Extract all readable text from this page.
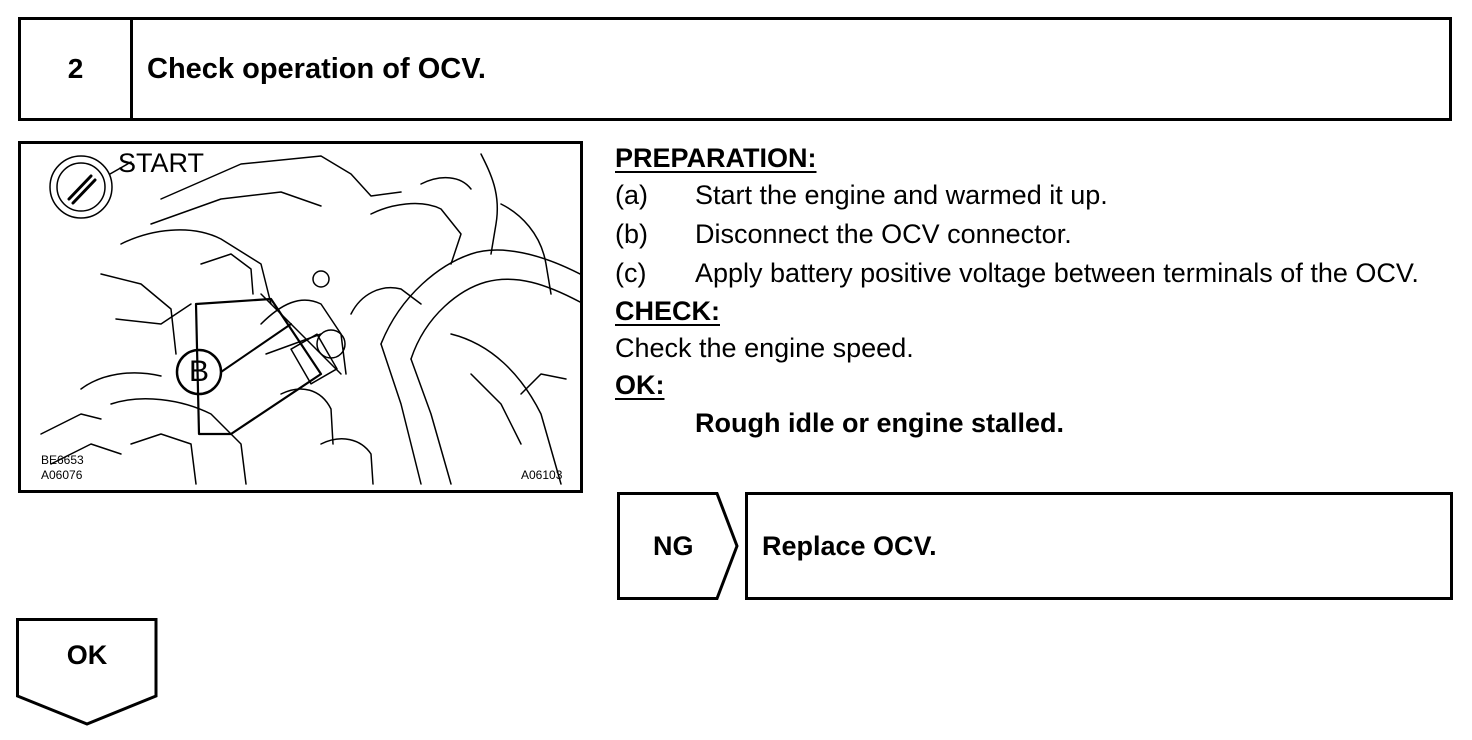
2	Check operation of OCV.
START
B
BE6653
A06076	A06103
PREPARATION:
(a) Start the engine and warmed it up.
(b) Disconnect the OCV connector.
(c) Apply battery positive voltage between terminals of the OCV.
CHECK:
Check the engine speed.
OK:
Rough idle or engine stalled.
NG	Replace OCV.
OK
